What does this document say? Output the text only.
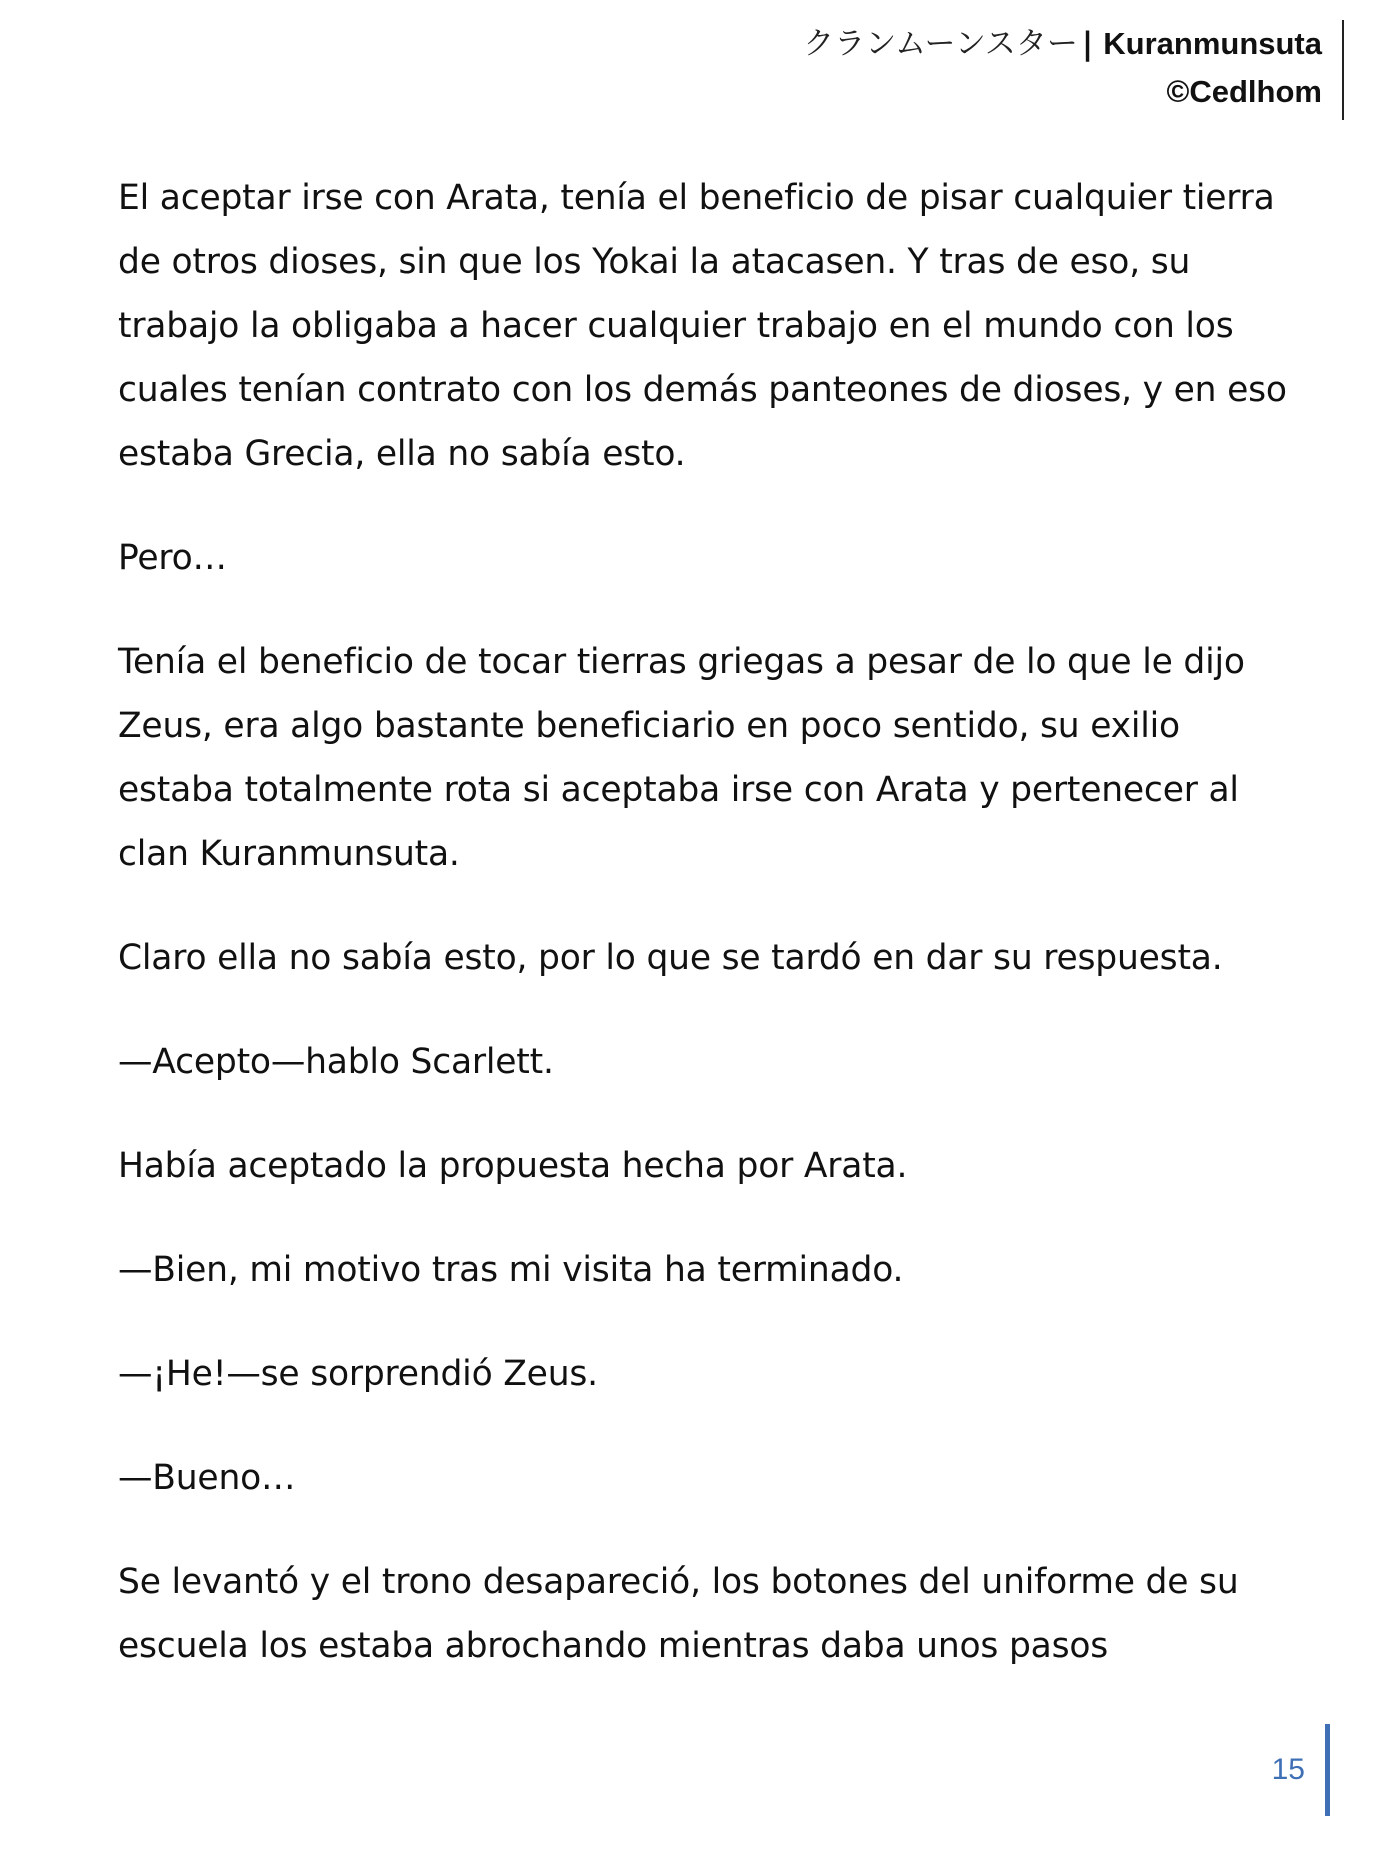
クランムーンスター | Kuranmunsuta
©Cedlhom

El aceptar irse con Arata, tenía el beneficio de pisar cualquier tierra de otros dioses, sin que los Yokai la atacasen. Y tras de eso, su trabajo la obligaba a hacer cualquier trabajo en el mundo con los cuales tenían contrato con los demás panteones de dioses, y en eso estaba Grecia, ella no sabía esto.

Pero…

Tenía el beneficio de tocar tierras griegas a pesar de lo que le dijo Zeus, era algo bastante beneficiario en poco sentido, su exilio estaba totalmente rota si aceptaba irse con Arata y pertenecer al clan Kuranmunsuta.

Claro ella no sabía esto, por lo que se tardó en dar su respuesta.

—Acepto—hablo Scarlett.

Había aceptado la propuesta hecha por Arata.

—Bien, mi motivo tras mi visita ha terminado.

—¡He!—se sorprendió Zeus.

—Bueno…

Se levantó y el trono desapareció, los botones del uniforme de su escuela los estaba abrochando mientras daba unos pasos

15
